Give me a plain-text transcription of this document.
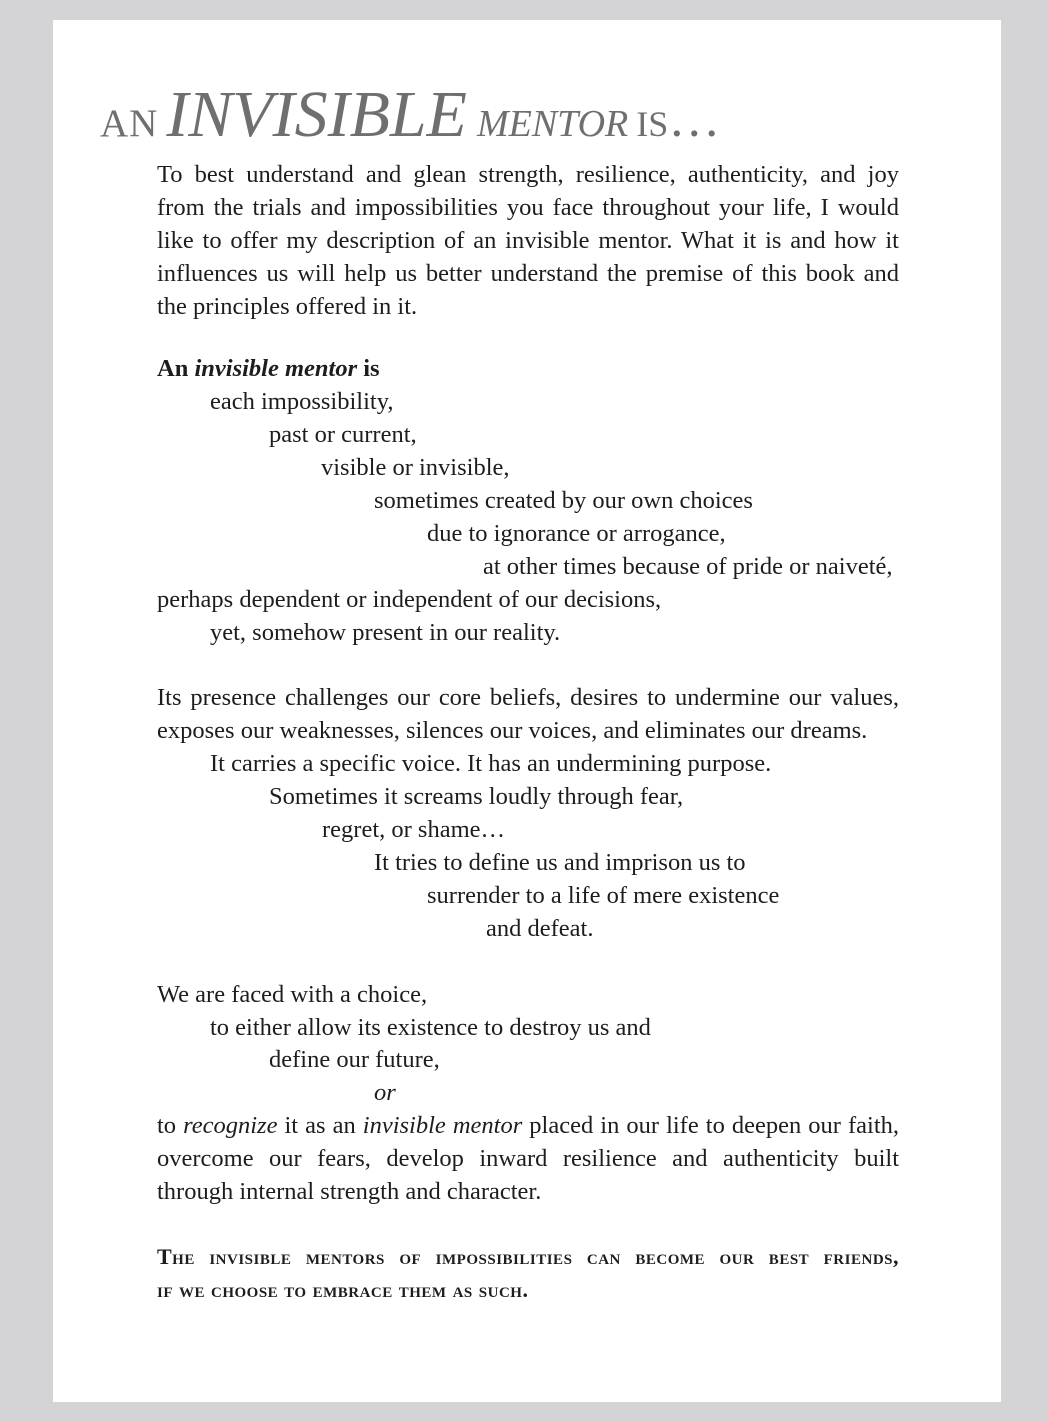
an INVISIBLE mentor is…
To best understand and glean strength, resilience, authenticity, and joy
from the trials and impossibilities you face throughout your life, I would
like to offer my description of an invisible mentor. What it is and how it
influences us will help us better understand the premise of this book and
the principles offered in it.
An invisible mentor is
each impossibility,
past or current,
visible or invisible,
sometimes created by our own choices
due to ignorance or arrogance,
at other times because of pride or naiveté,
perhaps dependent or independent of our decisions,
yet, somehow present in our reality.
Its presence challenges our core beliefs, desires to undermine our values,
exposes our weaknesses, silences our voices, and eliminates our dreams.
It carries a specific voice. It has an undermining purpose.
Sometimes it screams loudly through fear,
regret, or shame…
It tries to define us and imprison us to
surrender to a life of mere existence
and defeat.
We are faced with a choice,
to either allow its existence to destroy us and
define our future,
or
to recognize it as an invisible mentor placed in our life to deepen our faith,
overcome our fears, develop inward resilience and authenticity built
through internal strength and character.
The invisible mentors of impossibilities can become our best friends,
if we choose to embrace them as such.
